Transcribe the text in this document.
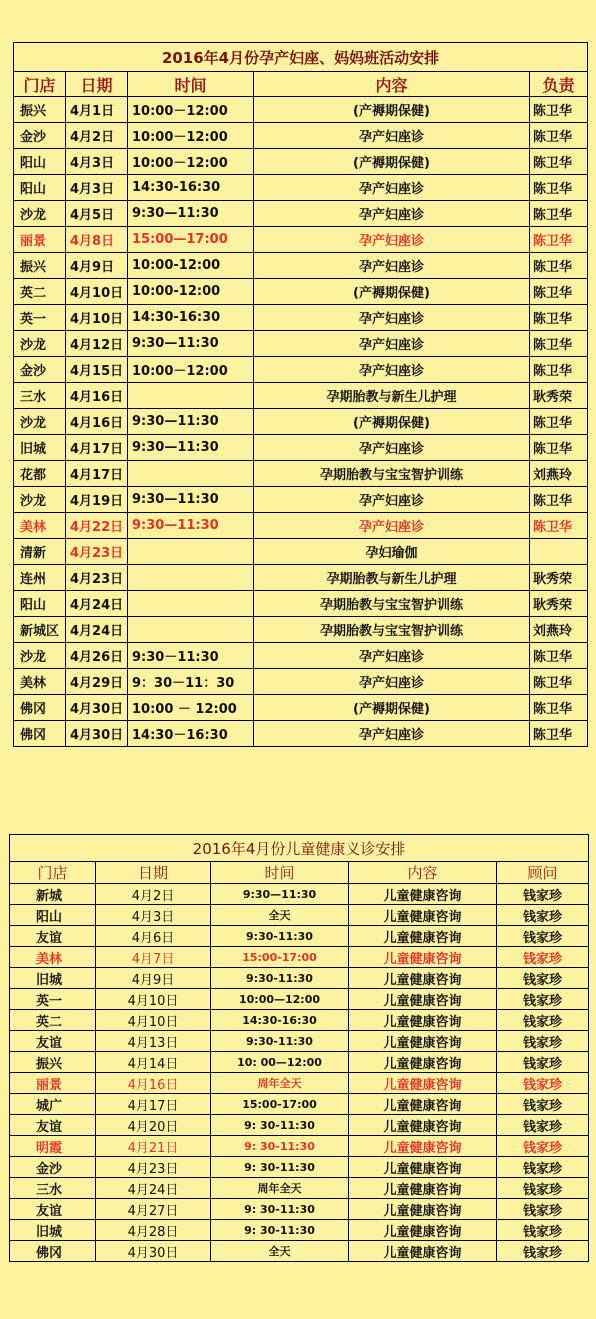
2016年4月份孕产妇座、妈妈班活动安排				
门店	日期	时间	内容	负责
振兴	4月1日	10:00－12:00	(产褥期保健)	陈卫华
金沙	4月2日	10:00－12:00	孕产妇座诊	陈卫华
阳山	4月3日	10:00－12:00	(产褥期保健)	陈卫华
阳山	4月3日	14:30-16:30	孕产妇座诊	陈卫华
沙龙	4月5日	9:30—11:30	孕产妇座诊	陈卫华
丽景	4月8日	15:00—17:00	孕产妇座诊	陈卫华
振兴	4月9日	10:00-12:00	孕产妇座诊	陈卫华
英二	4月10日	10:00-12:00	(产褥期保健)	陈卫华
英一	4月10日	14:30-16:30	孕产妇座诊	陈卫华
沙龙	4月12日	9:30—11:30	孕产妇座诊	陈卫华
金沙	4月15日	10:00－12:00	孕产妇座诊	陈卫华
三水	4月16日		孕期胎教与新生儿护理	耿秀荣
沙龙	4月16日	9:30—11:30	(产褥期保健)	陈卫华
旧城	4月17日	9:30—11:30	孕产妇座诊	陈卫华
花都	4月17日		孕期胎教与宝宝智护训练	刘燕玲
沙龙	4月19日	9:30—11:30	孕产妇座诊	陈卫华
美林	4月22日	9:30—11:30	孕产妇座诊	陈卫华
清新	4月23日		孕妇瑜伽	
连州	4月23日		孕期胎教与新生儿护理	耿秀荣
阳山	4月24日		孕期胎教与宝宝智护训练	耿秀荣
新城区	4月24日		孕期胎教与宝宝智护训练	刘燕玲
沙龙	4月26日	9:30－11:30	孕产妇座诊	陈卫华
美林	4月29日	9：30－11：30	孕产妇座诊	陈卫华
佛冈	4月30日	10:00 － 12:00	(产褥期保健)	陈卫华
佛冈	4月30日	14:30－16:30	孕产妇座诊	陈卫华
2016年4月份儿童健康义诊安排				
门店	日期	时间	内容	顾问
新城	4月2日	9:30—11:30	儿童健康咨询	钱家珍
阳山	4月3日	全天	儿童健康咨询	钱家珍
友谊	4月6日	9:30-11:30	儿童健康咨询	钱家珍
美林	4月7日	15:00-17:00	儿童健康咨询	钱家珍
旧城	4月9日	9:30-11:30	儿童健康咨询	钱家珍
英一	4月10日	10:00—12:00	儿童健康咨询	钱家珍
英二	4月10日	14:30-16:30	儿童健康咨询	钱家珍
友谊	4月13日	9:30-11:30	儿童健康咨询	钱家珍
振兴	4月14日	10: 00—12:00	儿童健康咨询	钱家珍
丽景	4月16日	周年全天	儿童健康咨询	钱家珍
城广	4月17日	15:00-17:00	儿童健康咨询	钱家珍
友谊	4月20日	9: 30-11:30	儿童健康咨询	钱家珍
明霞	4月21日	9: 30-11:30	儿童健康咨询	钱家珍
金沙	4月23日	9: 30-11:30	儿童健康咨询	钱家珍
三水	4月24日	周年全天	儿童健康咨询	钱家珍
友谊	4月27日	9: 30-11:30	儿童健康咨询	钱家珍
旧城	4月28日	9: 30-11:30	儿童健康咨询	钱家珍
佛冈	4月30日	全天	儿童健康咨询	钱家珍
